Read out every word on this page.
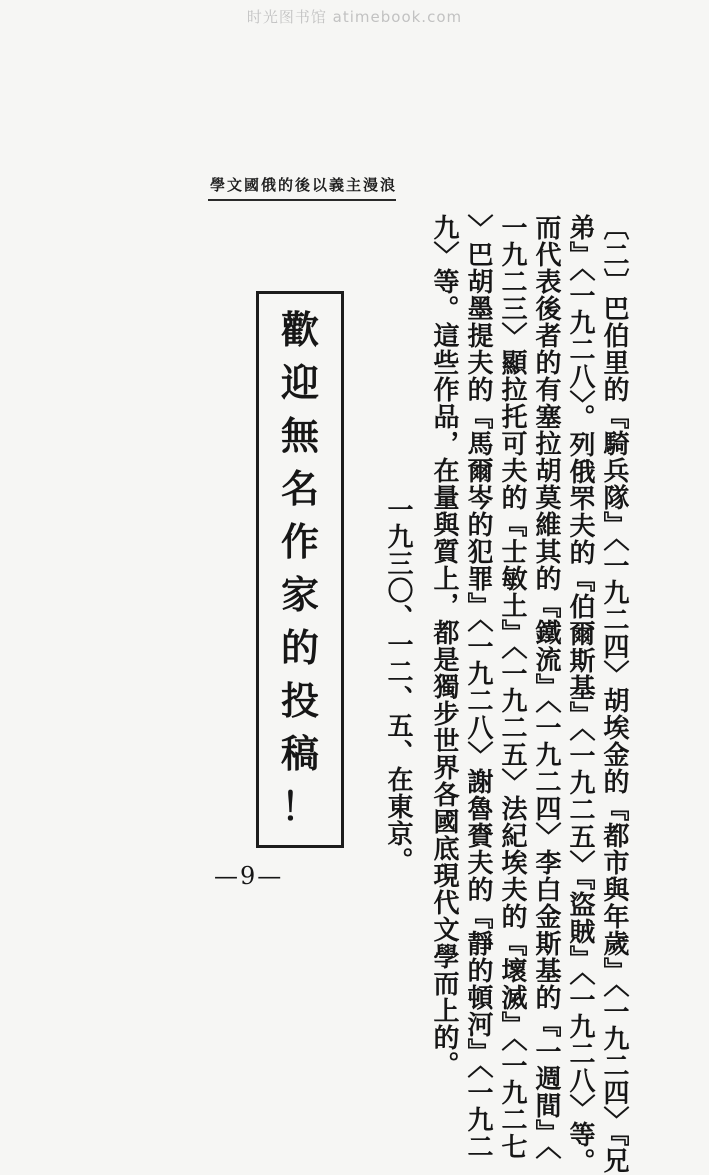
时光图书馆 atimebook.com
學文國俄的後以義主漫浪
〔二〕巴伯里的『騎兵隊』〈一九二四〉胡埃金的『都市與年歲』〈一九二四〉『兄
弟』〈一九二八〉。列俄罘夫的『伯爾斯基』〈一九二五〉『盜賊』〈一九二八〉等。
而代表後者的有塞拉胡莫維其的『鐵流』〈一九二四〉李白金斯基的『一週間』〈
一九二三〉顯拉托可夫的『士敏土』〈一九二五〉法紀埃夫的『壞滅』〈一九二七
〉巴胡墨提夫的『馬爾岑的犯罪』〈一九二八〉謝魯賚夫的『靜的頓河』〈一九二
九〉等。這些作品，在量與質上，都是獨步世界各國底現代文學而上的。
一九三〇、一二、五、在東京。
歡
迎
無
名
作
家
的
投
稿
！
—9—
